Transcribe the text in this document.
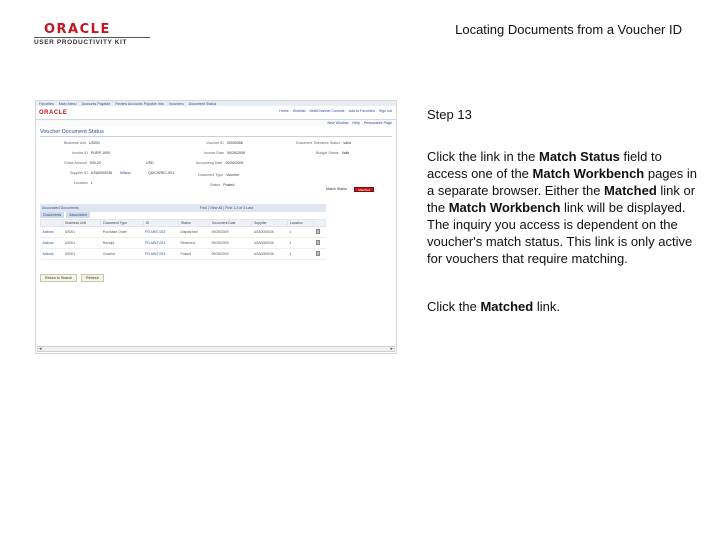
ORACLE
USER PRODUCTIVITY KIT
Locating Documents from a Voucher ID
Favorites Main Menu Accounts Payable Review Accounts Payable Info Vouchers Document Status
ORACLE	Home Worklist MultiChannel Console Add to Favorites Sign out
New Window Help Personalize Page
Voucher Document Status
Business Unit US001
Invoice ID PURP-1000
Gross Amount 930.20	USD
Supplier ID USA0000036 Milano
Location 1
Voucher ID 00000056
Invoice Date 09/26/2009
Accounting Date 09/26/2009
QUICKREC-001	Document Type Voucher
Status Posted
Document Tolerance Status Valid
Budget Status Valid
Match Status	Matched
Associated Documents	Find | View All | First 1-3 of 3 Last
Documents	Associated
	Business Unit	Document Type	ID	Status	Document Date	Supplier	Location	
Actions	US001	Purchase Order	PO-MNT-003	Dispatched	09/26/2009	USA0000036	1	
Actions	US001	Receipt	PO-MNT-003	Received	09/26/2009	USA0000036	1	
Actions	US001	Voucher	PO-MNT-003	Posted	09/26/2009	USA0000036	1	
Return to Search	Refresh
◂	▸
Step 13
Click the link in the Match Status field to access one of the Match Workbench pages in a separate browser. Either the Matched link or the Match Workbench link will be displayed. The inquiry you access is dependent on the voucher's match status. This link is only active for vouchers that require matching.
Click the Matched link.
